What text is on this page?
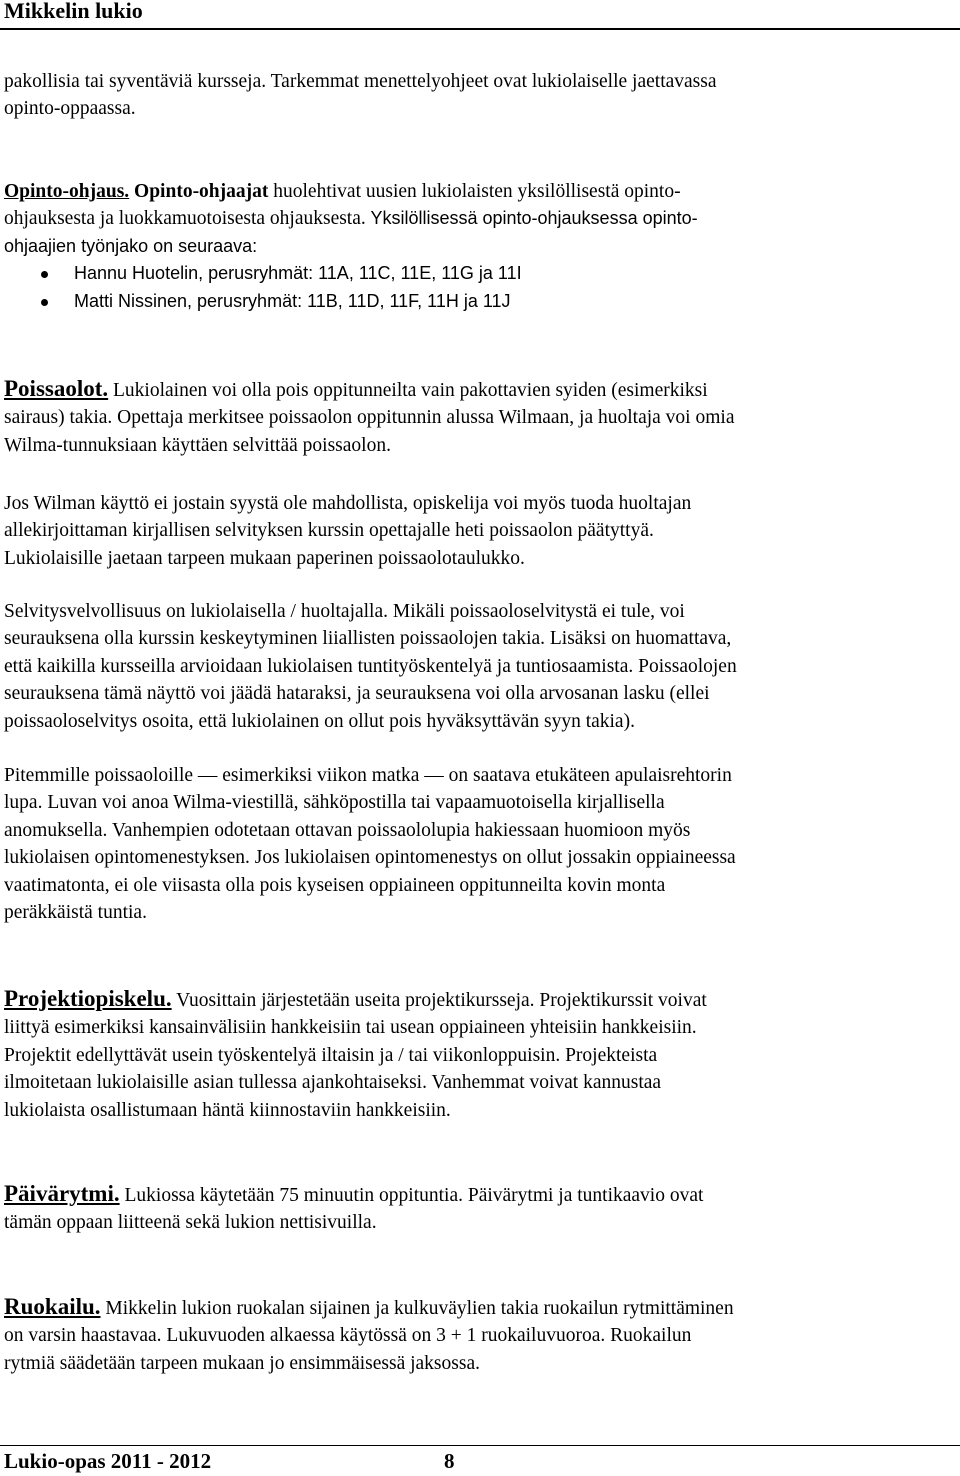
Mikkelin lukio
pakollisia tai syventäviä kursseja. Tarkemmat menettelyohjeet ovat lukiolaiselle jaettavassa
opinto-oppaassa.
Opinto-ohjaus. Opinto-ohjaajat huolehtivat uusien lukiolaisten yksilöllisestä opinto-
ohjauksesta ja luokkamuotoisesta ohjauksesta. Yksilöllisessä opinto-ohjauksessa opinto-
ohjaajien työnjako on seuraava:
Hannu Huotelin, perusryhmät: 11A, 11C, 11E, 11G ja 11I
Matti Nissinen, perusryhmät: 11B, 11D, 11F, 11H ja 11J
Poissaolot. Lukiolainen voi olla pois oppitunneilta vain pakottavien syiden (esimerkiksi
sairaus) takia. Opettaja merkitsee poissaolon oppitunnin alussa Wilmaan, ja huoltaja voi omia
Wilma-tunnuksiaan käyttäen selvittää poissaolon.
Jos Wilman käyttö ei jostain syystä ole mahdollista, opiskelija voi myös tuoda huoltajan
allekirjoittaman kirjallisen selvityksen kurssin opettajalle heti poissaolon päätyttyä.
Lukiolaisille jaetaan tarpeen mukaan paperinen poissaolotaulukko.
Selvitysvelvollisuus on lukiolaisella / huoltajalla. Mikäli poissaoloselvitystä ei tule, voi
seurauksena olla kurssin keskeytyminen liiallisten poissaolojen takia. Lisäksi on huomattava,
että kaikilla kursseilla arvioidaan lukiolaisen tuntityöskentelyä ja tuntiosaamista. Poissaolojen
seurauksena tämä näyttö voi jäädä hataraksi, ja seurauksena voi olla arvosanan lasku (ellei
poissaoloselvitys osoita, että lukiolainen on ollut pois hyväksyttävän syyn takia).
Pitemmille poissaoloille — esimerkiksi viikon matka — on saatava etukäteen apulaisrehtorin
lupa. Luvan voi anoa Wilma-viestillä, sähköpostilla tai vapaamuotoisella kirjallisella
anomuksella. Vanhempien odotetaan ottavan poissaololupia hakiessaan huomioon myös
lukiolaisen opintomenestyksen. Jos lukiolaisen opintomenestys on ollut jossakin oppiaineessa
vaatimatonta, ei ole viisasta olla pois kyseisen oppiaineen oppitunneilta kovin monta
peräkkäistä tuntia.
Projektiopiskelu. Vuosittain järjestetään useita projektikursseja. Projektikurssit voivat
liittyä esimerkiksi kansainvälisiin hankkeisiin tai usean oppiaineen yhteisiin hankkeisiin.
Projektit edellyttävät usein työskentelyä iltaisin ja / tai viikonloppuisin. Projekteista
ilmoitetaan lukiolaisille asian tullessa ajankohtaiseksi. Vanhemmat voivat kannustaa
lukiolaista osallistumaan häntä kiinnostaviin hankkeisiin.
Päivärytmi. Lukiossa käytetään 75 minuutin oppituntia. Päivärytmi ja tuntikaavio ovat
tämän oppaan liitteenä sekä lukion nettisivuilla.
Ruokailu. Mikkelin lukion ruokalan sijainen ja kulkuväylien takia ruokailun rytmittäminen
on varsin haastavaa. Lukuvuoden alkaessa käytössä on 3 + 1 ruokailuvuoroa. Ruokailun
rytmiä säädetään tarpeen mukaan jo ensimmäisessä jaksossa.
Lukio-opas 2011 - 2012	8
